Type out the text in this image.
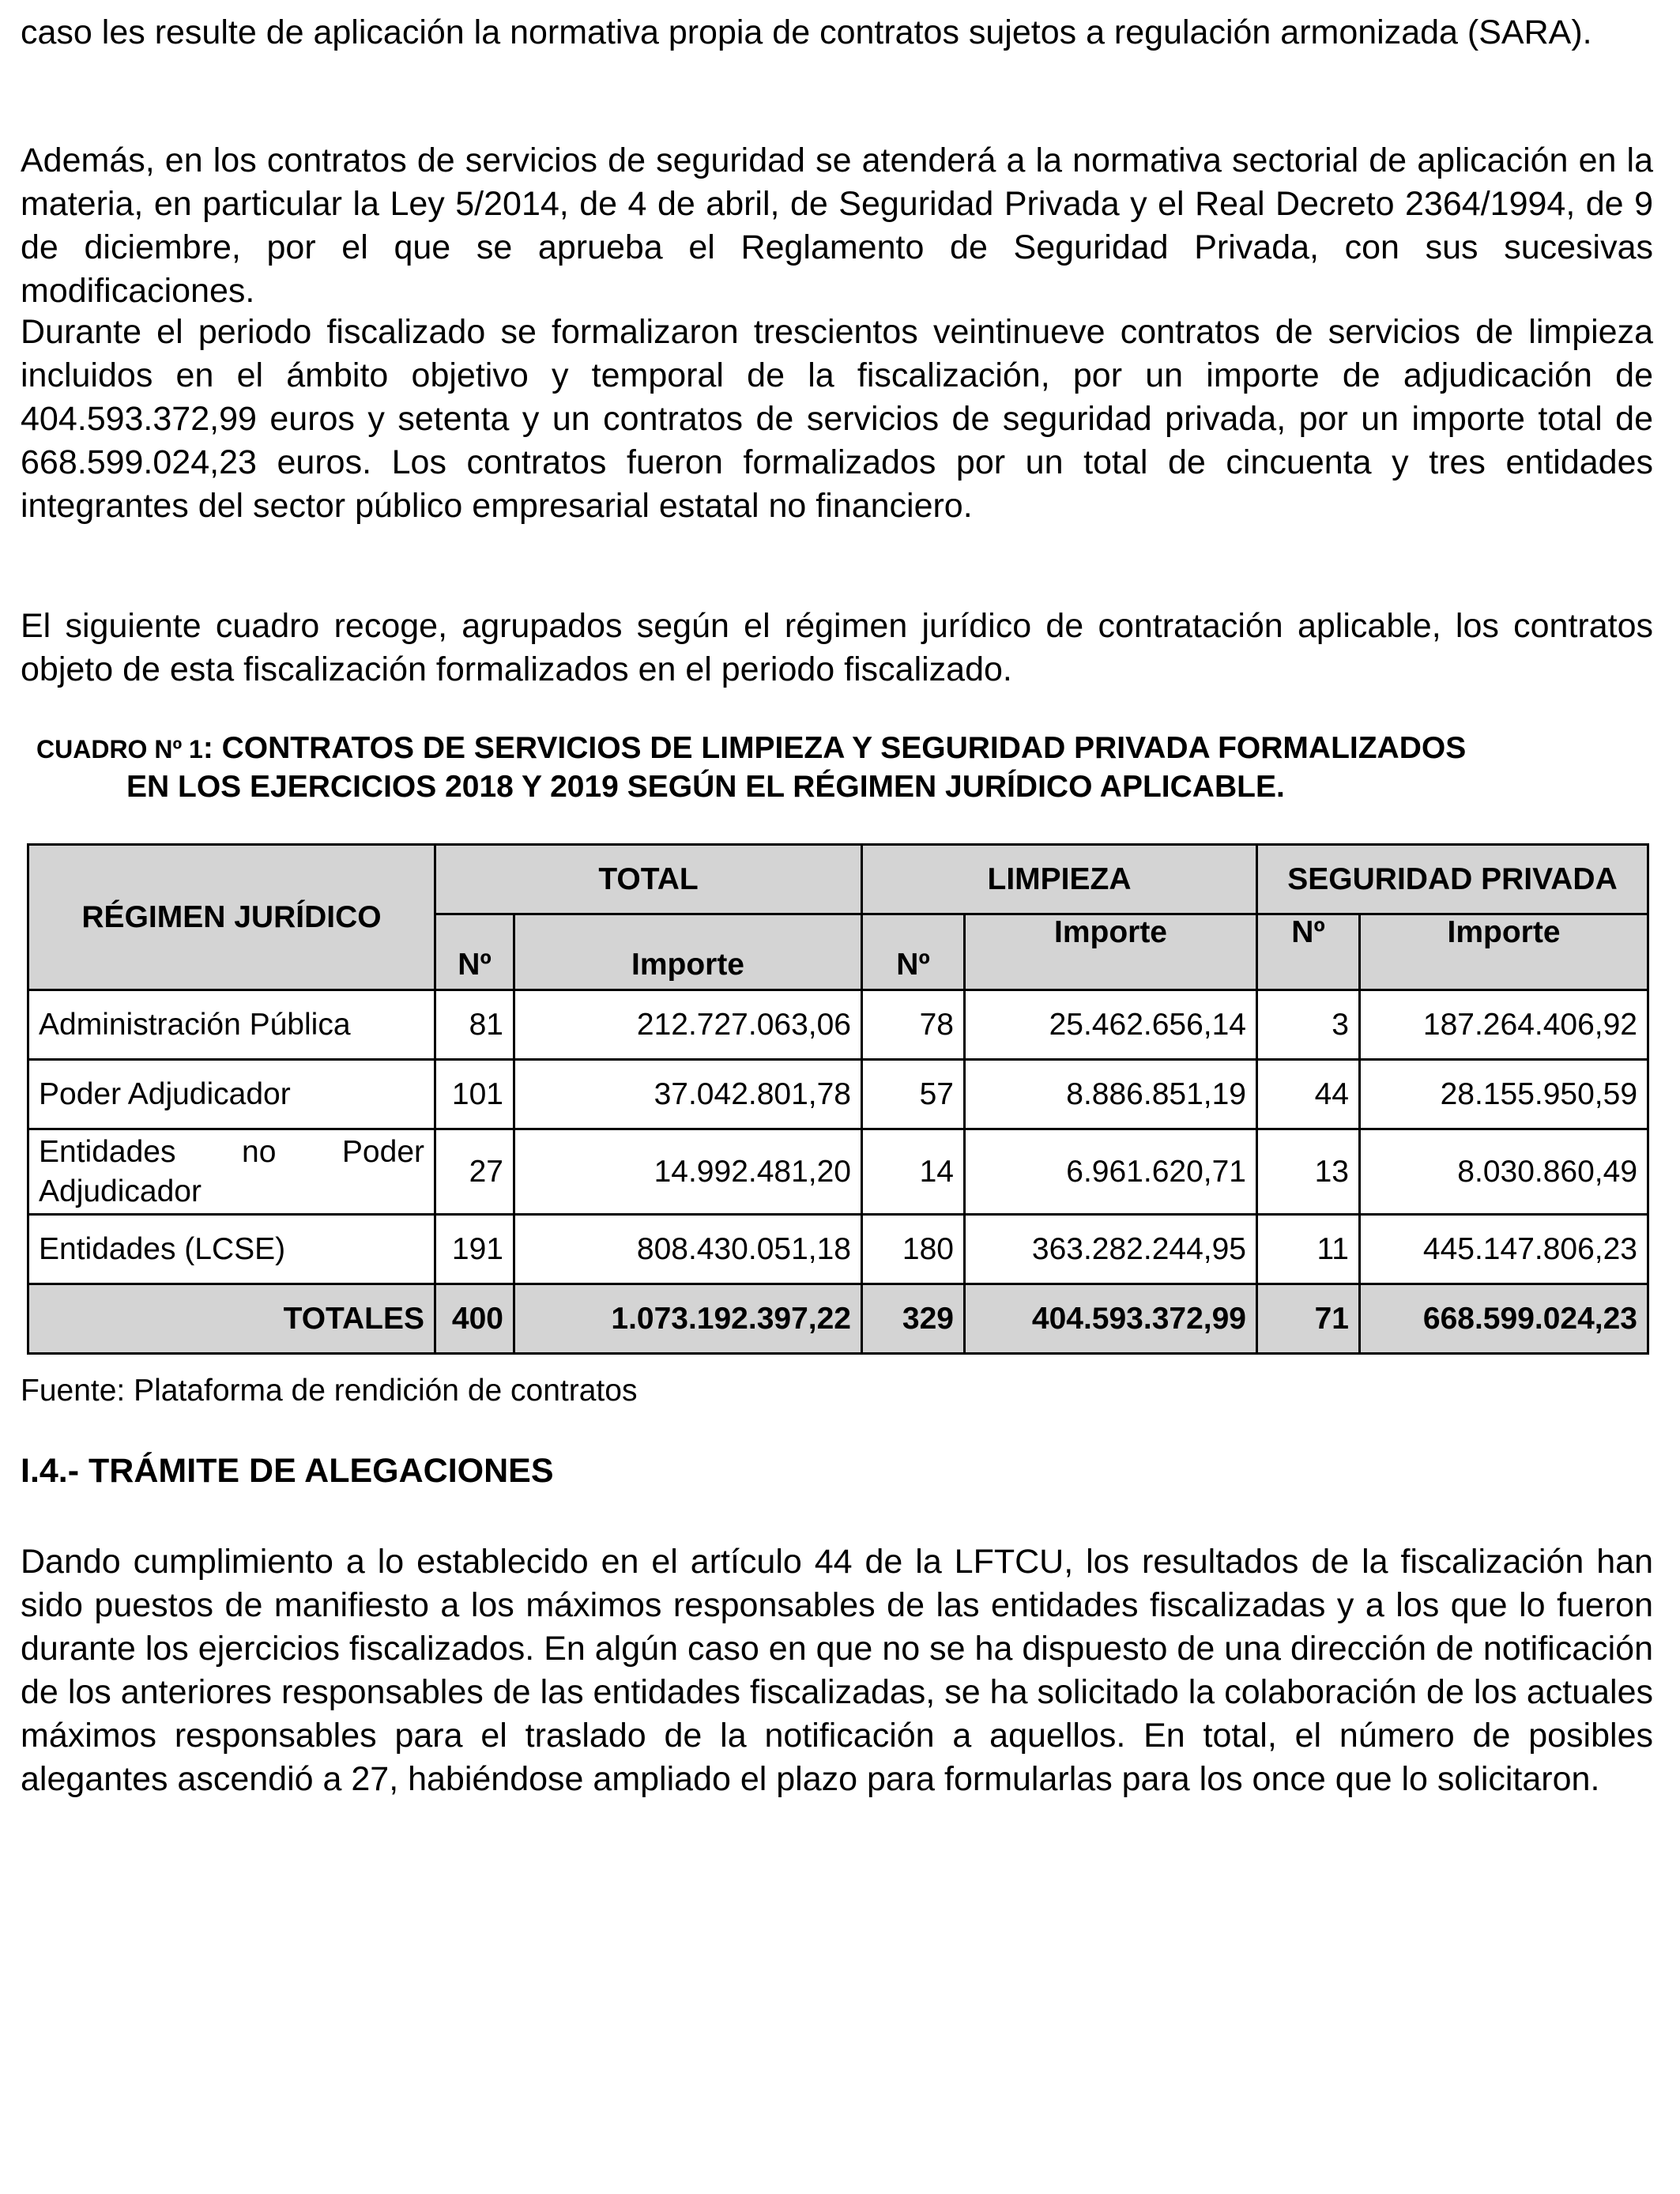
caso les resulte de aplicación la normativa propia de contratos sujetos a regulación armonizada (SARA).

Además, en los contratos de servicios de seguridad se atenderá a la normativa sectorial de aplicación en la materia, en particular la Ley 5/2014, de 4 de abril, de Seguridad Privada y el Real Decreto 2364/1994, de 9 de diciembre, por el que se aprueba el Reglamento de Seguridad Privada, con sus sucesivas modificaciones.

Durante el periodo fiscalizado se formalizaron trescientos veintinueve contratos de servicios de limpieza incluidos en el ámbito objetivo y temporal de la fiscalización, por un importe de adjudicación de 404.593.372,99 euros y setenta y un contratos de servicios de seguridad privada, por un importe total de 668.599.024,23 euros. Los contratos fueron formalizados por un total de cincuenta y tres entidades integrantes del sector público empresarial estatal no financiero.

El siguiente cuadro recoge, agrupados según el régimen jurídico de contratación aplicable, los contratos objeto de esta fiscalización formalizados en el periodo fiscalizado.

CUADRO Nº 1: CONTRATOS DE SERVICIOS DE LIMPIEZA Y SEGURIDAD PRIVADA FORMALIZADOS
EN LOS EJERCICIOS 2018 Y 2019 SEGÚN EL RÉGIMEN JURÍDICO APLICABLE.
RÉGIMEN JURÍDICO	TOTAL		LIMPIEZA		SEGURIDAD PRIVADA	
	Nº	Importe	Nº	Importe	Nº	Importe
Administración Pública	81	212.727.063,06	78	25.462.656,14	3	187.264.406,92
Poder Adjudicador	101	37.042.801,78	57	8.886.851,19	44	28.155.950,59

Entidades no Poder
Adjudicador	27	14.992.481,20	14	6.961.620,71	13	8.030.860,49
Entidades (LCSE)	191	808.430.051,18	180	363.282.244,95	11	445.147.806,23
TOTALES	400	1.073.192.397,22	329	404.593.372,99	71	668.599.024,23
Fuente: Plataforma de rendición de contratos
I.4.- TRÁMITE DE ALEGACIONES

Dando cumplimiento a lo establecido en el artículo 44 de la LFTCU, los resultados de la fiscalización han sido puestos de manifiesto a los máximos responsables de las entidades fiscalizadas y a los que lo fueron durante los ejercicios fiscalizados. En algún caso en que no se ha dispuesto de una dirección de notificación de los anteriores responsables de las entidades fiscalizadas, se ha solicitado la colaboración de los actuales máximos responsables para el traslado de la notificación a aquellos. En total, el número de posibles alegantes ascendió a 27, habiéndose ampliado el plazo para formularlas para los once que lo solicitaron.
